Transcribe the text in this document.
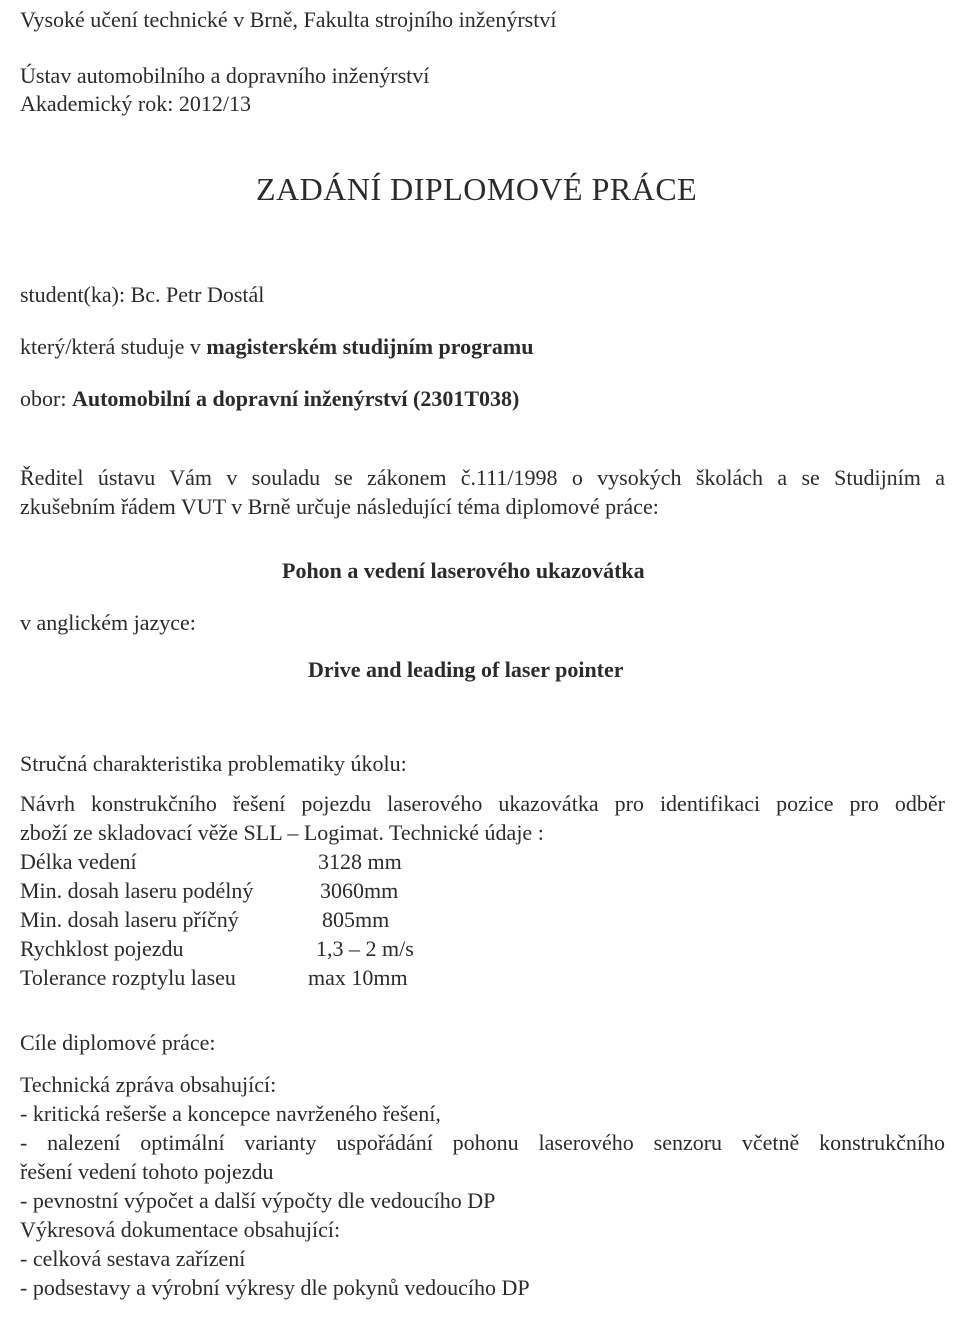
Vysoké učení technické v Brně, Fakulta strojního inženýrství
Ústav automobilního a dopravního inženýrství
Akademický rok: 2012/13
ZADÁNÍ DIPLOMOVÉ PRÁCE
student(ka): Bc. Petr Dostál
který/která studuje v magisterském studijním programu
obor: Automobilní a dopravní inženýrství (2301T038)
Ředitel ústavu Vám v souladu se zákonem č.111/1998 o vysokých školách a se Studijním a
zkušebním řádem VUT v Brně určuje následující téma diplomové práce:
Pohon a vedení laserového ukazovátka
v anglickém jazyce:
Drive and leading of laser pointer
Stručná charakteristika problematiky úkolu:
Návrh konstrukčního řešení pojezdu laserového ukazovátka pro identifikaci pozice pro odběr
zboží ze skladovací věže SLL – Logimat. Technické údaje :
Délka vedení	3128 mm
Min. dosah laseru podélný	3060mm
Min. dosah laseru příčný	805mm
Rychklost pojezdu	1,3 – 2 m/s
Tolerance rozptylu laseu	max 10mm
Cíle diplomové práce:
Technická zpráva obsahující:
- kritická rešerše a koncepce navrženého řešení,
- nalezení optimální varianty uspořádání pohonu laserového senzoru včetně konstrukčního
řešení vedení tohoto pojezdu
- pevnostní výpočet a další výpočty dle vedoucího DP
Výkresová dokumentace obsahující:
- celková sestava zařízení
- podsestavy a výrobní výkresy dle pokynů vedoucího DP
